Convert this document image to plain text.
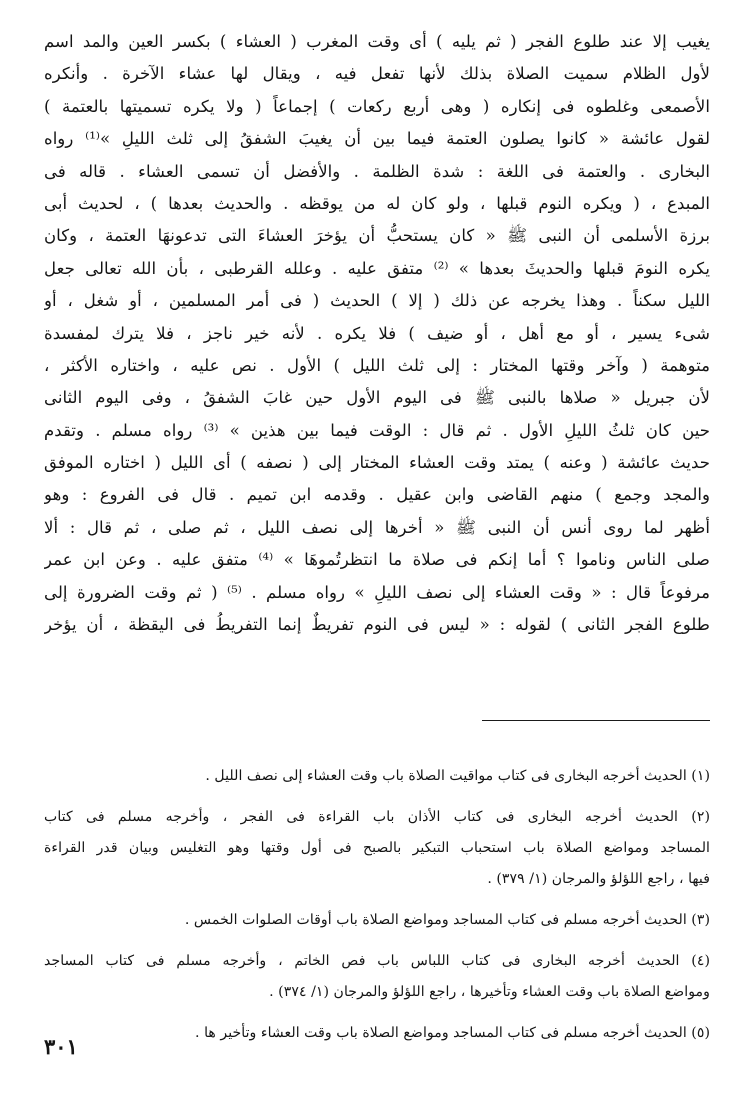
يغيب إلا عند طلوع الفجر ( ثم يليه ) أى وقت المغرب ( العشاء ) بكسر العين والمد اسم
لأول الظلام سميت الصلاة بذلك لأنها تفعل فيه ، ويقال لها عشاء الآخرة . وأنكره
الأصمعى وغلطوه فى إنكاره ( وهى أربع ركعات ) إجماعاً ( ولا يكره تسميتها بالعتمة )
لقول عائشة « كانوا يصلون العتمة فيما بين أن يغيبَ الشفقُ إلى ثلث الليلِ »⁽¹⁾ رواه
البخارى . والعتمة فى اللغة : شدة الظلمة . والأفضل أن تسمى العشاء . قاله فى
المبدع ، ( ويكره النوم قبلها ، ولو كان له من يوقظه . والحديث بعدها ) ، لحديث أبى
برزة الأسلمى أن النبى ﷺ « كان يستحبُّ أن يؤخرَ العشاءَ التى تدعونهَا العتمة ، وكان
يكره النومَ قبلها والحديثَ بعدها » ⁽²⁾ متفق عليه . وعلله القرطبى ، بأن الله تعالى جعل
الليل سكناً . وهذا يخرجه عن ذلك ( إلا ) الحديث ( فى أمر المسلمين ، أو شغل ، أو
شىء يسير ، أو مع أهل ، أو ضيف ) فلا يكره . لأنه خير ناجز ، فلا يترك لمفسدة
متوهمة ( وآخر وقتها المختار : إلى ثلث الليل ) الأول . نص عليه ، واختاره الأكثر ،
لأن جبريل « صلاها بالنبى ﷺ فى اليوم الأول حين غابَ الشفقُ ، وفى اليوم الثانى
حين كان ثلثُ الليلِ الأول . ثم قال : الوقت فيما بين هذين » ⁽³⁾ رواه مسلم . وتقدم
حديث عائشة ( وعنه ) يمتد وقت العشاء المختار إلى ( نصفه ) أى الليل ( اختاره الموفق
والمجد وجمع ) منهم القاضى وابن عقيل . وقدمه ابن تميم . قال فى الفروع : وهو
أظهر لما روى أنس أن النبى ﷺ « أخرها إلى نصف الليل ، ثم صلى ، ثم قال : ألا
صلى الناس وناموا ؟ أما إنكم فى صلاة ما انتظرتُموهَا » ⁽⁴⁾ متفق عليه . وعن ابن عمر
مرفوعاً قال : « وقت العشاء إلى نصف الليلِ » رواه مسلم . ⁽⁵⁾ ( ثم وقت الضرورة إلى
طلوع الفجر الثانى ) لقوله : « ليس فى النوم تفريطٌ إنما التفريطُ فى اليقظة ، أن يؤخر
(١) الحديث أخرجه البخارى فى كتاب مواقيت الصلاة باب وقت العشاء إلى نصف الليل .
(٢) الحديث أخرجه البخارى فى كتاب الأذان باب القراءة فى الفجر ، وأخرجه مسلم فى كتاب
المساجد ومواضع الصلاة باب استحباب التبكير بالصبح فى أول وقتها وهو التغليس وبيان قدر القراءة
فيها ، راجع اللؤلؤ والمرجان (١/ ٣٧٩) .
(٣) الحديث أخرجه مسلم فى كتاب المساجد ومواضع الصلاة باب أوقات الصلوات الخمس .
(٤) الحديث أخرجه البخارى فى كتاب اللباس باب فص الخاتم ، وأخرجه مسلم فى كتاب المساجد
ومواضع الصلاة باب وقت العشاء وتأخيرها ، راجع اللؤلؤ والمرجان (١/ ٣٧٤) .
(٥) الحديث أخرجه مسلم فى كتاب المساجد ومواضع الصلاة باب وقت العشاء وتأخير ها .
٣٠١
